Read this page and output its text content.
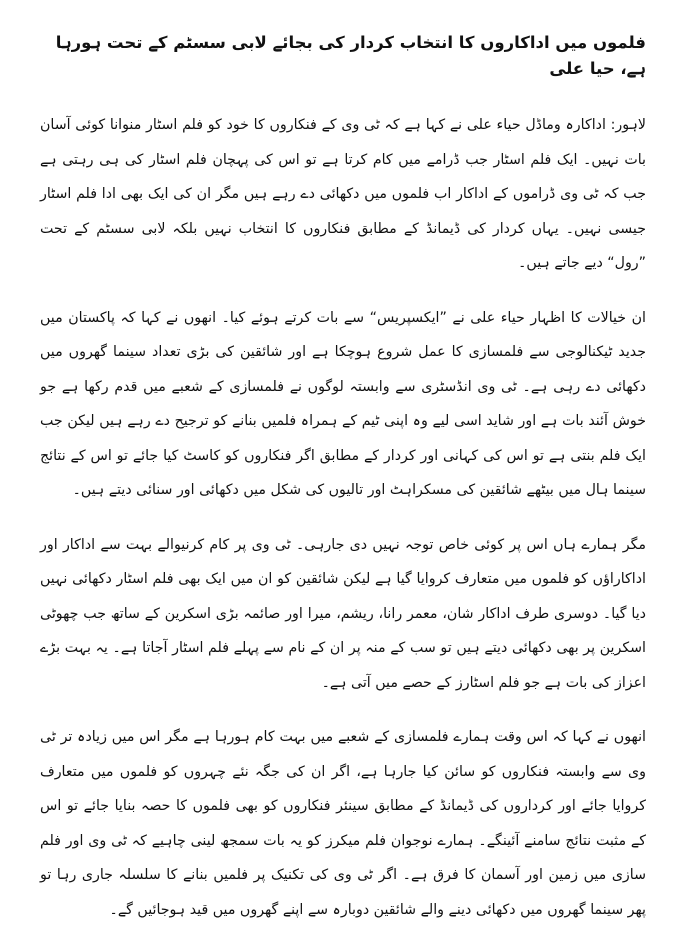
فلموں میں اداکاروں کا انتخاب کردار کی بجائے لابی سسٹم کے تحت ہورہا ہے، حیا علی

لاہور: اداکارہ وماڈل حیاء علی نے کہا ہے کہ ٹی وی کے فنکاروں کا خود کو فلم اسٹار منوانا کوئی آسان بات نہیں۔ ایک فلم اسٹار جب ڈرامے میں کام کرتا ہے تو اس کی پہچان فلم اسٹار کی ہی رہتی ہے جب کہ ٹی وی ڈراموں کے اداکار اب فلموں میں دکھائی دے رہے ہیں مگر ان کی ایک بھی ادا فلم اسٹار جیسی نہیں۔ یہاں کردار کی ڈیمانڈ کے مطابق فنکاروں کا انتخاب نہیں بلکہ لابی سسٹم کے تحت ”رول“ دیے جاتے ہیں۔

ان خیالات کا اظہار حیاء علی نے ”ایکسپریس“ سے بات کرتے ہوئے کیا۔ انھوں نے کہا کہ پاکستان میں جدید ٹیکنالوجی سے فلمسازی کا عمل شروع ہوچکا ہے اور شائقین کی بڑی تعداد سینما گھروں میں دکھائی دے رہی ہے۔ ٹی وی انڈسٹری سے وابستہ لوگوں نے فلمسازی کے شعبے میں قدم رکھا ہے جو خوش آئند بات ہے اور شاید اسی لیے وہ اپنی ٹیم کے ہمراہ فلمیں بنانے کو ترجیح دے رہے ہیں لیکن جب ایک فلم بنتی ہے تو اس کی کہانی اور کردار کے مطابق اگر فنکاروں کو کاسٹ کیا جائے تو اس کے نتائج سینما ہال میں بیٹھے شائقین کی مسکراہٹ اور تالیوں کی شکل میں دکھائی اور سنائی دیتے ہیں۔

مگر ہمارے ہاں اس پر کوئی خاص توجہ نہیں دی جارہی۔ ٹی وی پر کام کرنیوالے بہت سے اداکار اور اداکاراؤں کو فلموں میں متعارف کروایا گیا ہے لیکن شائقین کو ان میں ایک بھی فلم اسٹار دکھائی نہیں دیا گیا۔ دوسری طرف اداکار شان، معمر رانا، ریشم، میرا اور صائمہ بڑی اسکرین کے ساتھ جب چھوٹی اسکرین پر بھی دکھائی دیتے ہیں تو سب کے منہ پر ان کے نام سے پہلے فلم اسٹار آجاتا ہے۔ یہ بہت بڑے اعزاز کی بات ہے جو فلم اسٹارز کے حصے میں آتی ہے۔

انھوں نے کہا کہ اس وقت ہمارے فلمسازی کے شعبے میں بہت کام ہورہا ہے مگر اس میں زیادہ تر ٹی وی سے وابستہ فنکاروں کو سائن کیا جارہا ہے، اگر ان کی جگہ نئے چہروں کو فلموں میں متعارف کروایا جائے اور کرداروں کی ڈیمانڈ کے مطابق سینئر فنکاروں کو بھی فلموں کا حصہ بنایا جائے تو اس کے مثبت نتائج سامنے آئینگے۔ ہمارے نوجوان فلم میکرز کو یہ بات سمجھ لینی چاہیے کہ ٹی وی اور فلم سازی میں زمین اور آسمان کا فرق ہے۔ اگر ٹی وی کی تکنیک پر فلمیں بنانے کا سلسلہ جاری رہا تو پھر سینما گھروں میں دکھائی دینے والے شائقین دوبارہ سے اپنے گھروں میں قید ہوجائیں گے۔
